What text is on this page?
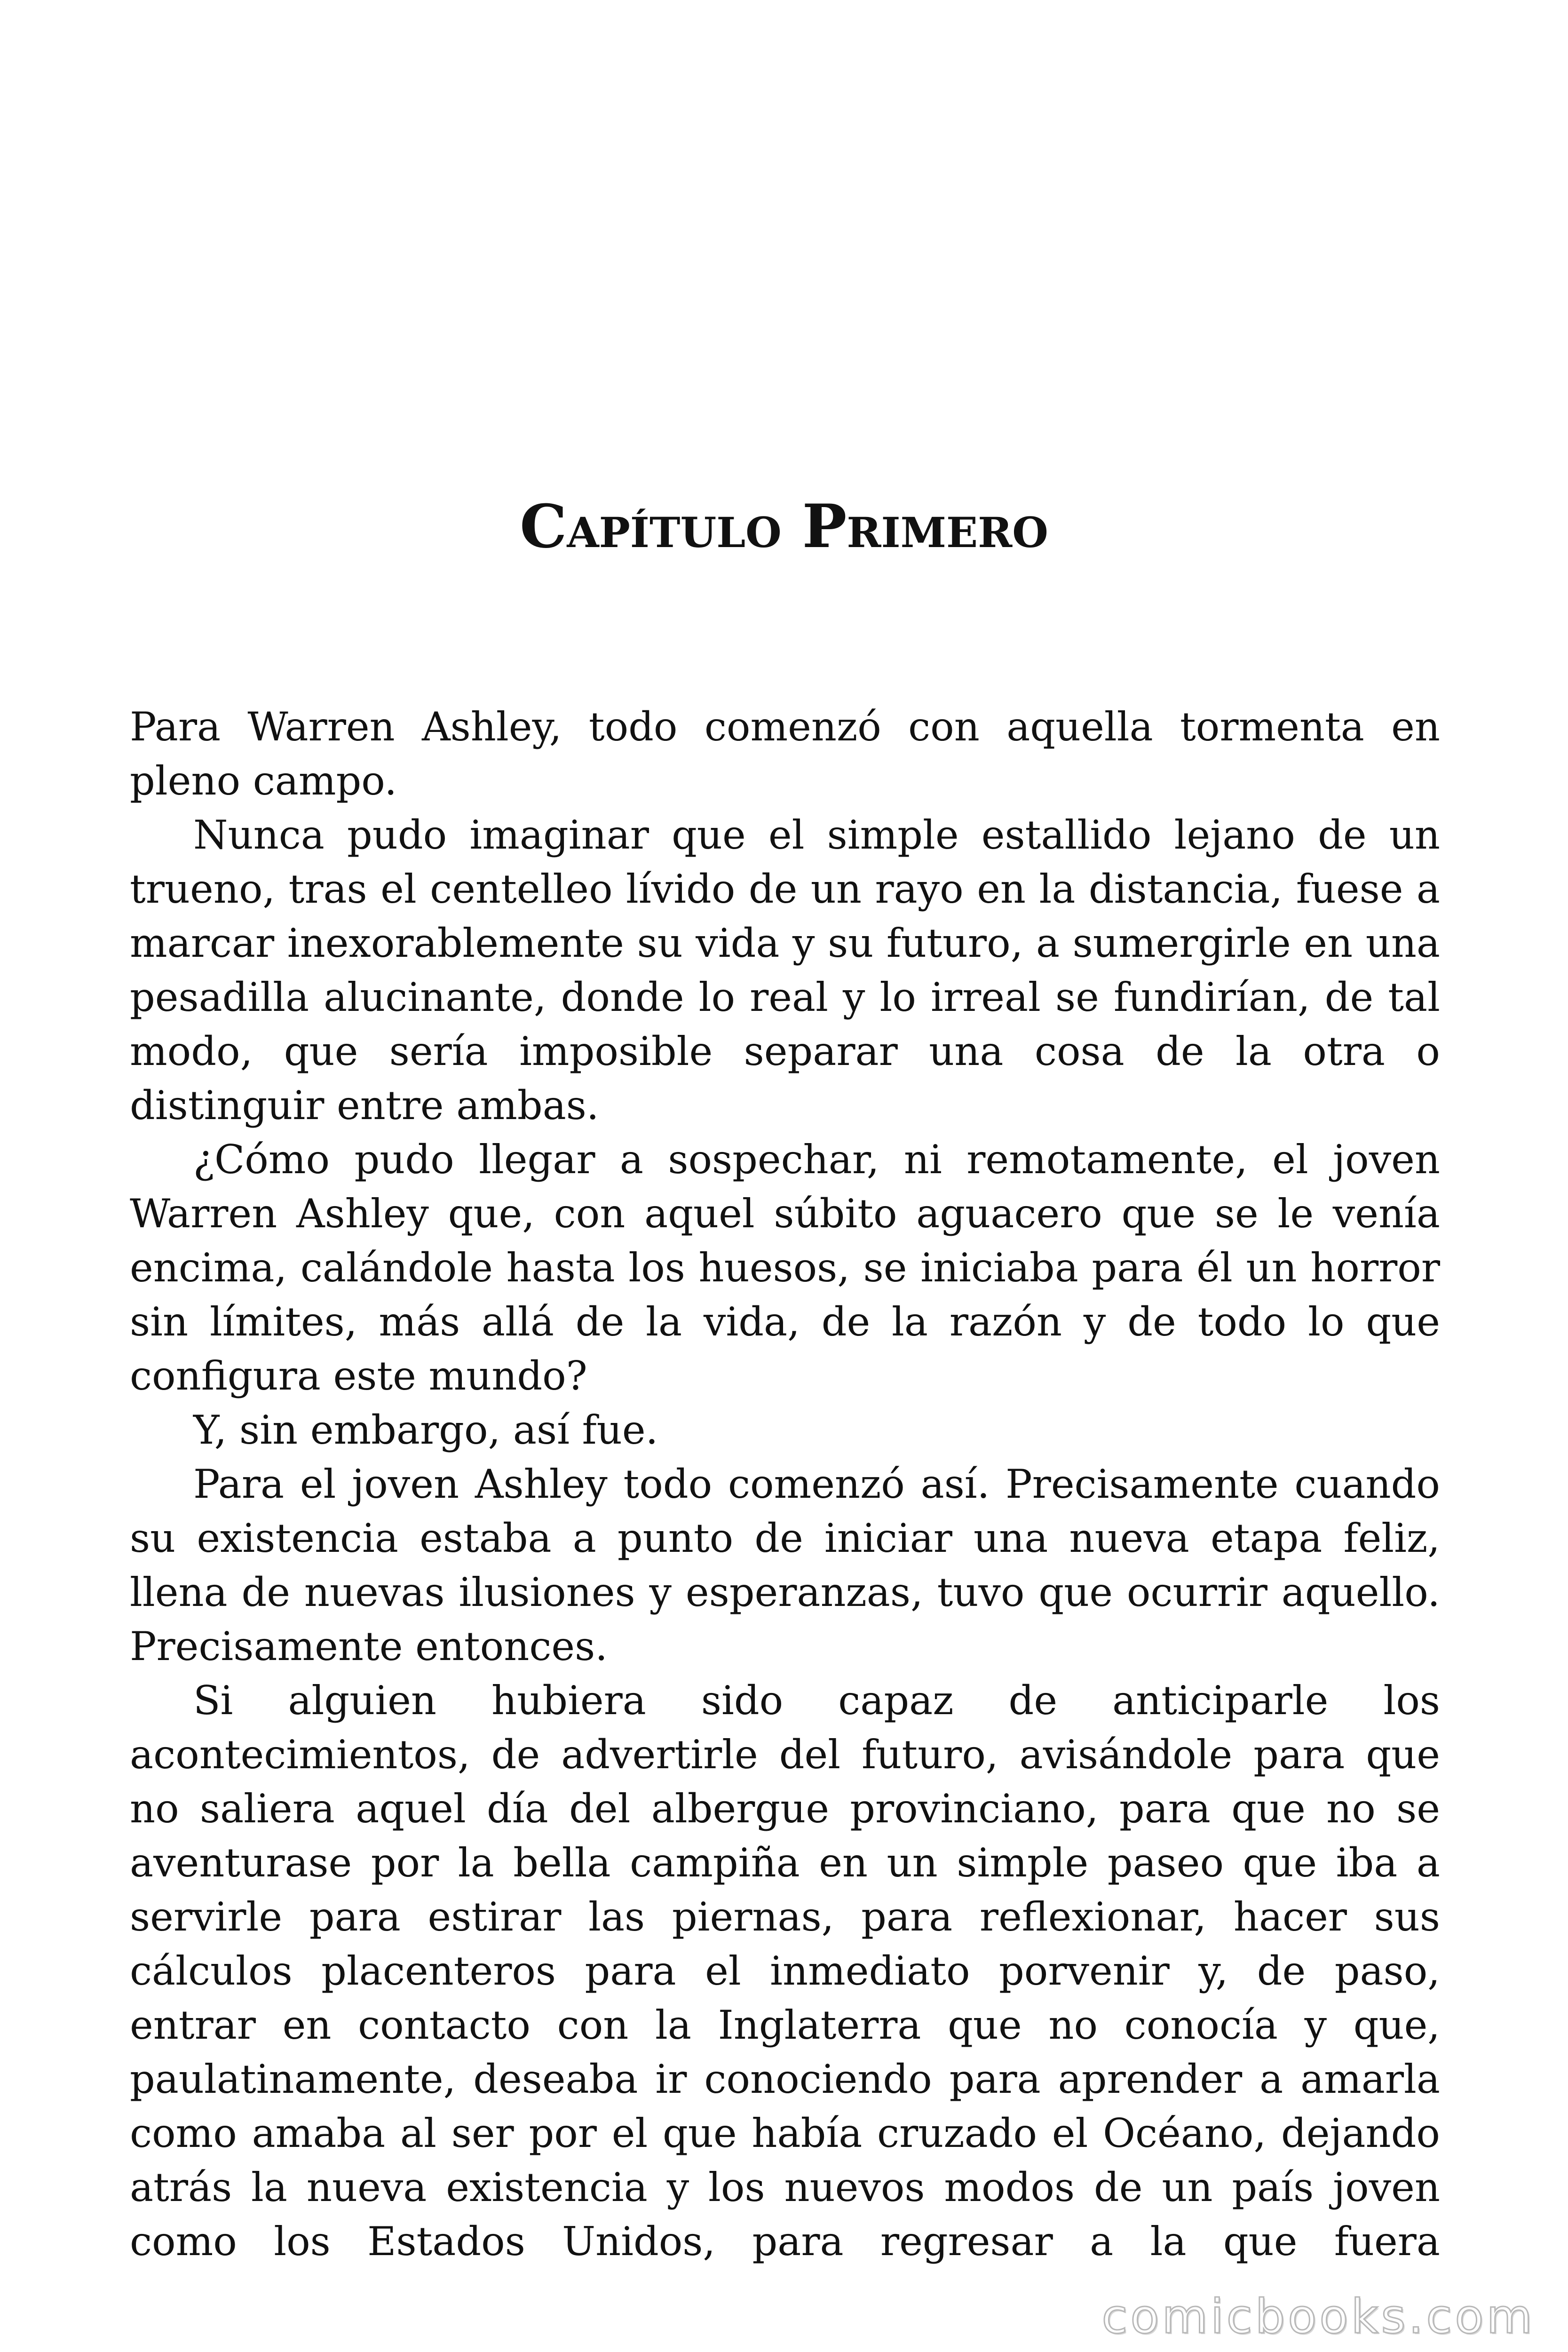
Capítulo Primero

Para Warren Ashley, todo comenzó con aquella tormenta en pleno campo.

Nunca pudo imaginar que el simple estallido lejano de un trueno, tras el centelleo lívido de un rayo en la distancia, fuese a marcar inexorablemente su vida y su futuro, a sumergirle en una pesadilla alucinante, donde lo real y lo irreal se fundirían, de tal modo, que sería imposible separar una cosa de la otra o distinguir entre ambas.

¿Cómo pudo llegar a sospechar, ni remotamente, el joven Warren Ashley que, con aquel súbito aguacero que se le venía encima, calándole hasta los huesos, se iniciaba para él un horror sin límites, más allá de la vida, de la razón y de todo lo que configura este mundo?

Y, sin embargo, así fue.

Para el joven Ashley todo comenzó así. Precisamente cuando su existencia estaba a punto de iniciar una nueva etapa feliz, llena de nuevas ilusiones y esperanzas, tuvo que ocurrir aquello. Precisamente entonces.

Si alguien hubiera sido capaz de anticiparle los acontecimientos, de advertirle del futuro, avisándole para que no saliera aquel día del albergue provinciano, para que no se aventurase por la bella campiña en un simple paseo que iba a servirle para estirar las piernas, para reflexionar, hacer sus cálculos placenteros para el inmediato porvenir y, de paso, entrar en contacto con la Inglaterra que no conocía y que, paulatinamente, deseaba ir conociendo para aprender a amarla como amaba al ser por el que había cruzado el Océano, dejando atrás la nueva existencia y los nuevos modos de un país joven como los Estados Unidos, para regresar a la que fuera

comicbooks.com
